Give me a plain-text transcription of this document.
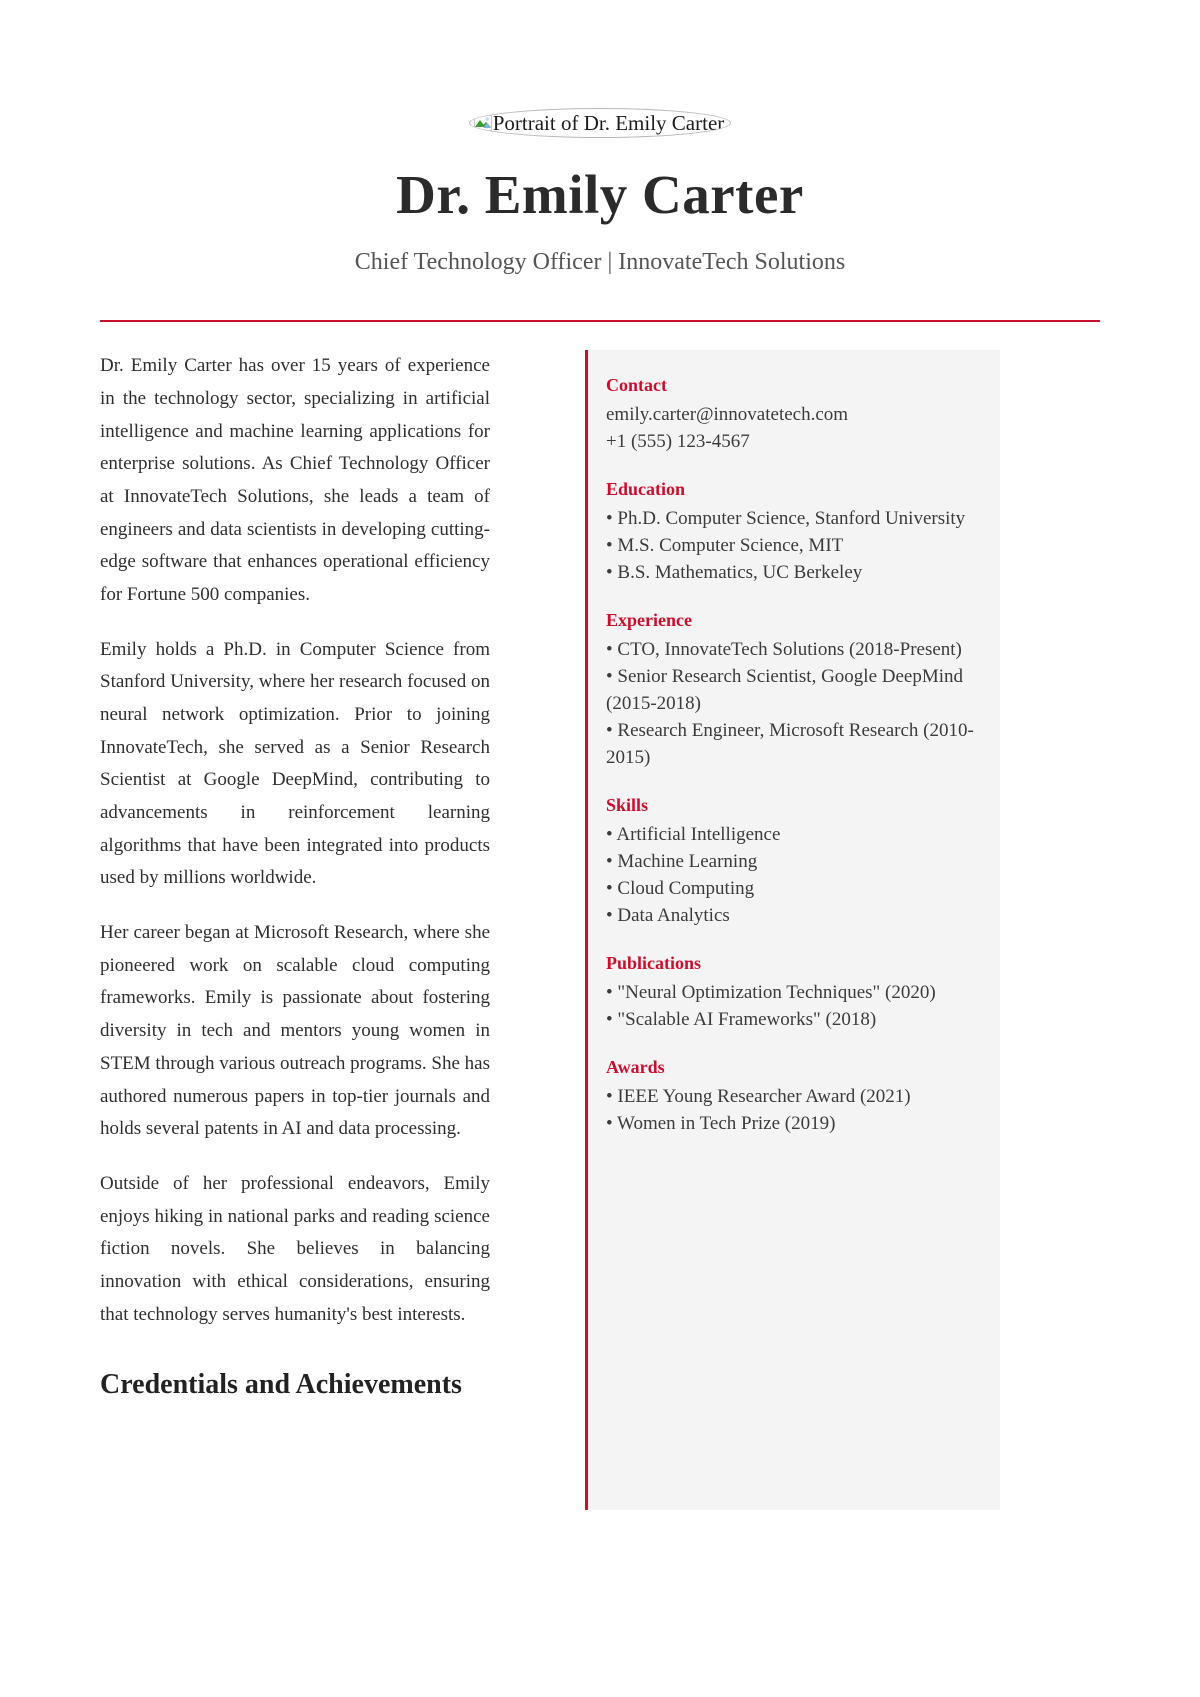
Portrait of Dr. Emily Carter
Dr. Emily Carter
Chief Technology Officer | InnovateTech Solutions

Dr. Emily Carter has over 15 years of experience in the technology sector, specializing in artificial intelligence and machine learning applications for enterprise solutions. As Chief Technology Officer at InnovateTech Solutions, she leads a team of engineers and data scientists in developing cutting-edge software that enhances operational efficiency for Fortune 500 companies.

Emily holds a Ph.D. in Computer Science from Stanford University, where her research focused on neural network optimization. Prior to joining InnovateTech, she served as a Senior Research Scientist at Google DeepMind, contributing to advancements in reinforcement learning algorithms that have been integrated into products used by millions worldwide.

Her career began at Microsoft Research, where she pioneered work on scalable cloud computing frameworks. Emily is passionate about fostering diversity in tech and mentors young women in STEM through various outreach programs. She has authored numerous papers in top-tier journals and holds several patents in AI and data processing.

Outside of her professional endeavors, Emily enjoys hiking in national parks and reading science fiction novels. She believes in balancing innovation with ethical considerations, ensuring that technology serves humanity's best interests.

Credentials and Achievements
Contact
emily.carter@innovatetech.com
+1 (555) 123-4567
Education
• Ph.D. Computer Science, Stanford University
• M.S. Computer Science, MIT
• B.S. Mathematics, UC Berkeley
Experience
• CTO, InnovateTech Solutions (2018-Present)
• Senior Research Scientist, Google DeepMind (2015-2018)
• Research Engineer, Microsoft Research (2010-2015)
Skills
• Artificial Intelligence
• Machine Learning
• Cloud Computing
• Data Analytics
Publications
• "Neural Optimization Techniques" (2020)
• "Scalable AI Frameworks" (2018)
Awards
• IEEE Young Researcher Award (2021)
• Women in Tech Prize (2019)
